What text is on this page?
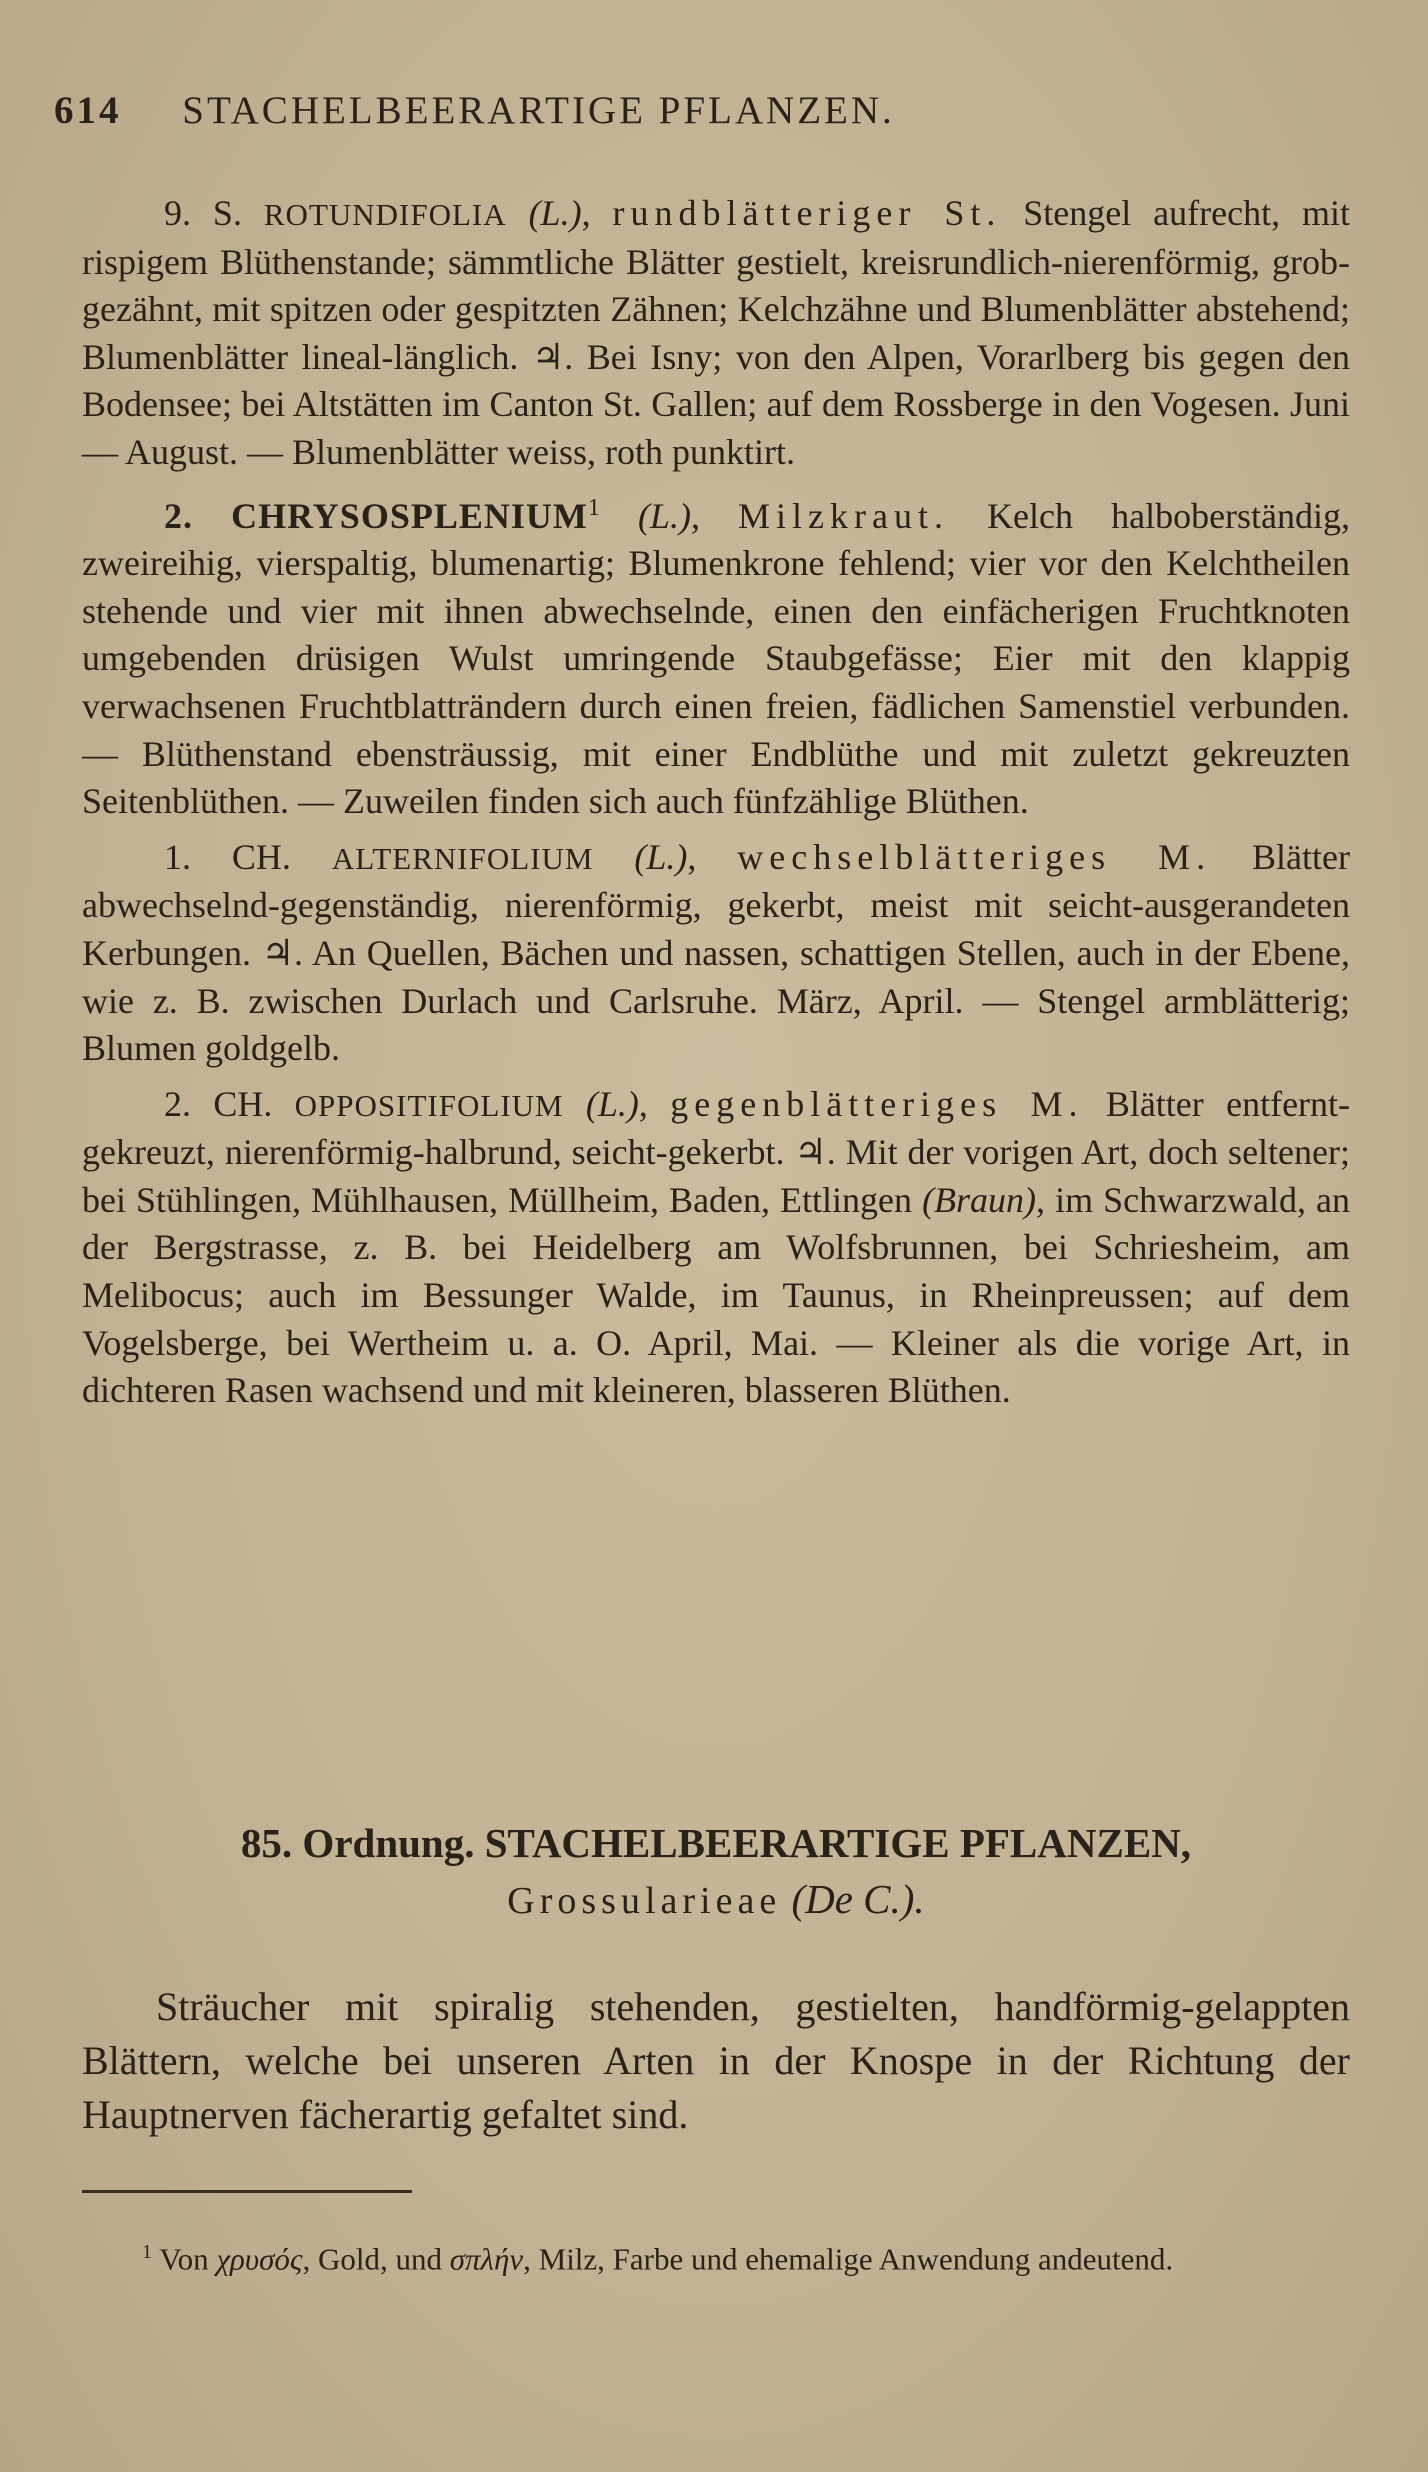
614 STACHELBEERARTIGE PFLANZEN.

9. S. ROTUNDIFOLIA (L.), rundblätteriger St. Stengel aufrecht, mit rispigem Blüthenstande; sämmtliche Blätter gestielt, kreisrundlich-nierenförmig, grob-gezähnt, mit spitzen oder gespitzten Zähnen; Kelchzähne und Blumenblätter abstehend; Blumenblätter lineal-länglich. ♃. Bei Isny; von den Alpen, Vorarlberg bis gegen den Bodensee; bei Altstätten im Canton St. Gallen; auf dem Rossberge in den Vogesen. Juni — August. — Blumenblätter weiss, roth punktirt.

2. CHRYSOSPLENIUM$^1$ (L.), Milzkraut. Kelch halboberständig, zweireihig, vierspaltig, blumenartig; Blumenkrone fehlend; vier vor den Kelchtheilen stehende und vier mit ihnen abwechselnde, einen den einfächerigen Fruchtknoten umgebenden drüsigen Wulst umringende Staubgefässe; Eier mit den klappig verwachsenen Fruchtblatträndern durch einen freien, fädlichen Samenstiel verbunden. — Blüthenstand ebensträussig, mit einer Endblüthe und mit zuletzt gekreuzten Seitenblüthen. — Zuweilen finden sich auch fünfzählige Blüthen.

1. CH. ALTERNIFOLIUM (L.), wechselblätteriges M. Blätter abwechselnd-gegenständig, nierenförmig, gekerbt, meist mit seicht-ausgerandeten Kerbungen. ♃. An Quellen, Bächen und nassen, schattigen Stellen, auch in der Ebene, wie z. B. zwischen Durlach und Carlsruhe. März, April. — Stengel armblätterig; Blumen goldgelb.

2. CH. OPPOSITIFOLIUM (L.), gegenblätteriges M. Blätter entfernt-gekreuzt, nierenförmig-halbrund, seicht-gekerbt. ♃. Mit der vorigen Art, doch seltener; bei Stühlingen, Mühlhausen, Müllheim, Baden, Ettlingen (Braun), im Schwarzwald, an der Bergstrasse, z. B. bei Heidelberg am Wolfsbrunnen, bei Schriesheim, am Melibocus; auch im Bessunger Walde, im Taunus, in Rheinpreussen; auf dem Vogelsberge, bei Wertheim u. a. O. April, Mai. — Kleiner als die vorige Art, in dichteren Rasen wachsend und mit kleineren, blasseren Blüthen.

85. Ordnung. STACHELBEERARTIGE PFLANZEN,
Grossularieae (De C.).

Sträucher mit spiralig stehenden, gestielten, handförmig-gelappten Blättern, welche bei unseren Arten in der Knospe in der Richtung der Hauptnerven fächerartig gefaltet sind.

$^1$ Von χρυσός, Gold, und σπλήν, Milz, Farbe und ehemalige Anwendung andeutend.
